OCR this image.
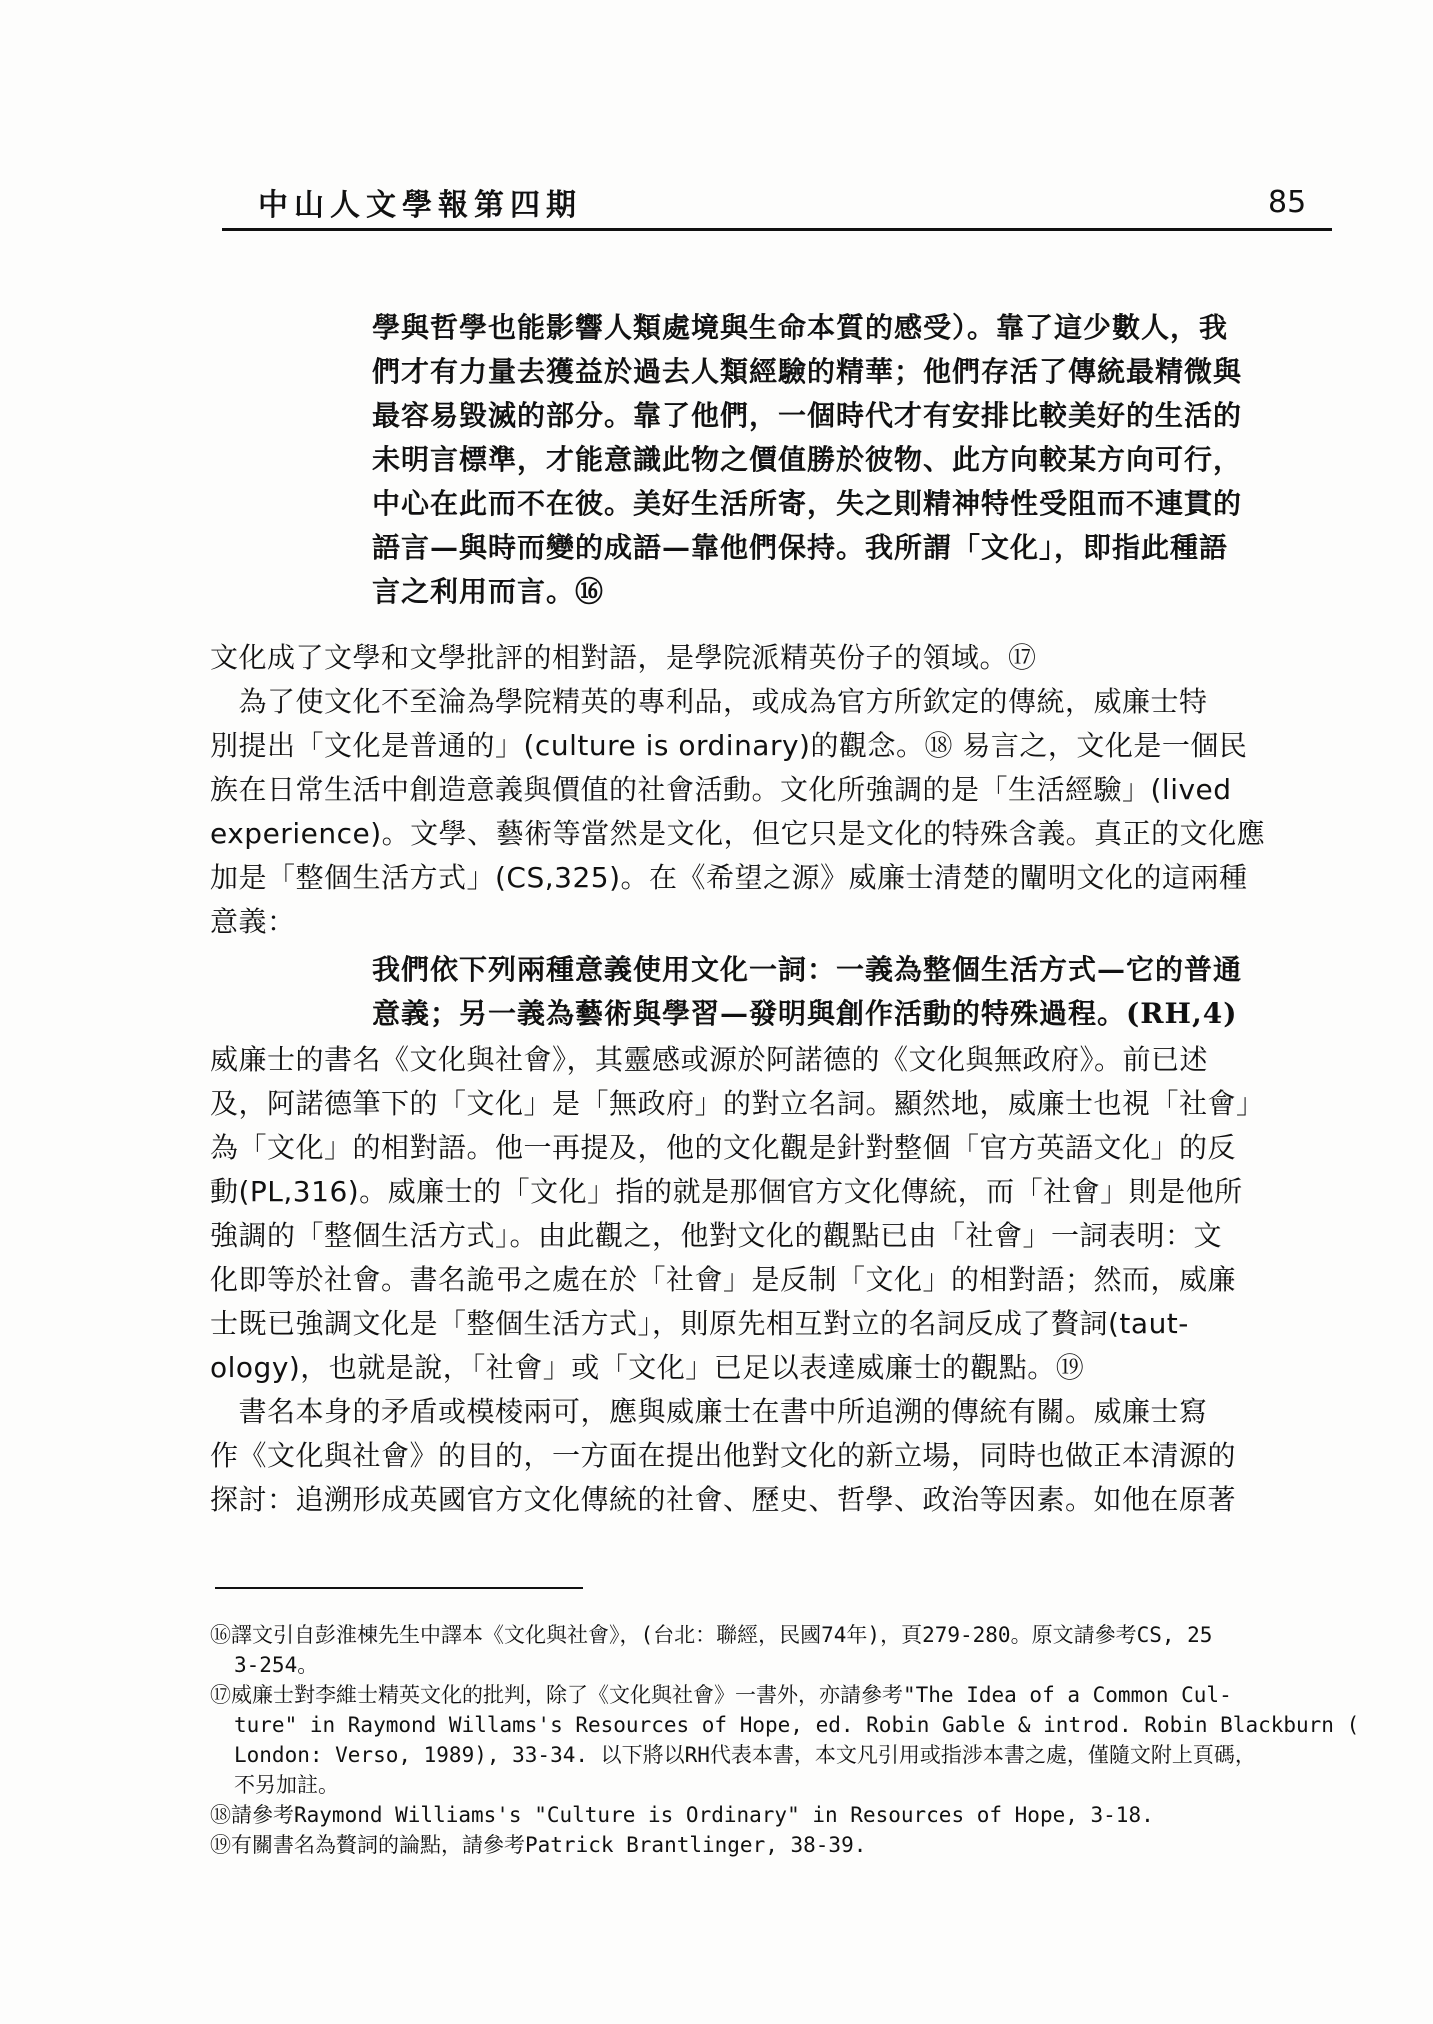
中山人文學報第四期	85
學與哲學也能影響人類處境與生命本質的感受）。靠了這少數人，我
們才有力量去獲益於過去人類經驗的精華；他們存活了傳統最精微與
最容易毀滅的部分。靠了他們，一個時代才有安排比較美好的生活的
未明言標準，才能意識此物之價值勝於彼物、此方向較某方向可行，
中心在此而不在彼。美好生活所寄，失之則精神特性受阻而不連貫的
語言—與時而變的成語—靠他們保持。我所謂「文化」，即指此種語
言之利用而言。⑯
文化成了文學和文學批評的相對語，是學院派精英份子的領域。⑰
　為了使文化不至淪為學院精英的專利品，或成為官方所欽定的傳統，威廉士特
別提出「文化是普通的」(culture is ordinary)的觀念。⑱ 易言之，文化是一個民
族在日常生活中創造意義與價值的社會活動。文化所強調的是「生活經驗」(lived
experience)。文學、藝術等當然是文化，但它只是文化的特殊含義。真正的文化應
加是「整個生活方式」(CS,325)。在《希望之源》威廉士清楚的闡明文化的這兩種
意義：
我們依下列兩種意義使用文化一詞：一義為整個生活方式—它的普通
意義；另一義為藝術與學習—發明與創作活動的特殊過程。(RH,4)
威廉士的書名《文化與社會》，其靈感或源於阿諾德的《文化與無政府》。前已述
及，阿諾德筆下的「文化」是「無政府」的對立名詞。顯然地，威廉士也視「社會」
為「文化」的相對語。他一再提及，他的文化觀是針對整個「官方英語文化」的反
動(PL,316)。威廉士的「文化」指的就是那個官方文化傳統，而「社會」則是他所
強調的「整個生活方式」。由此觀之，他對文化的觀點已由「社會」一詞表明：文
化即等於社會。書名詭弔之處在於「社會」是反制「文化」的相對語；然而，威廉
士既已強調文化是「整個生活方式」，則原先相互對立的名詞反成了贅詞(taut-
ology)，也就是說，「社會」或「文化」已足以表達威廉士的觀點。⑲
　書名本身的矛盾或模棱兩可，應與威廉士在書中所追溯的傳統有關。威廉士寫
作《文化與社會》的目的，一方面在提出他對文化的新立場，同時也做正本清源的
探討：追溯形成英國官方文化傳統的社會、歷史、哲學、政治等因素。如他在原著
⑯譯文引自彭淮棟先生中譯本《文化與社會》，(台北：聯經，民國74年)，頁279-280。原文請參考CS, 25
3-254。
⑰威廉士對李維士精英文化的批判，除了《文化與社會》一書外，亦請參考"The Idea of a Common Cul-
ture" in Raymond Willams's Resources of Hope, ed. Robin Gable & introd. Robin Blackburn (
London: Verso, 1989), 33-34. 以下將以RH代表本書，本文凡引用或指涉本書之處，僅隨文附上頁碼，
不另加註。
⑱請參考Raymond Williams's "Culture is Ordinary" in Resources of Hope, 3-18.
⑲有關書名為贅詞的論點，請參考Patrick Brantlinger, 38-39.
